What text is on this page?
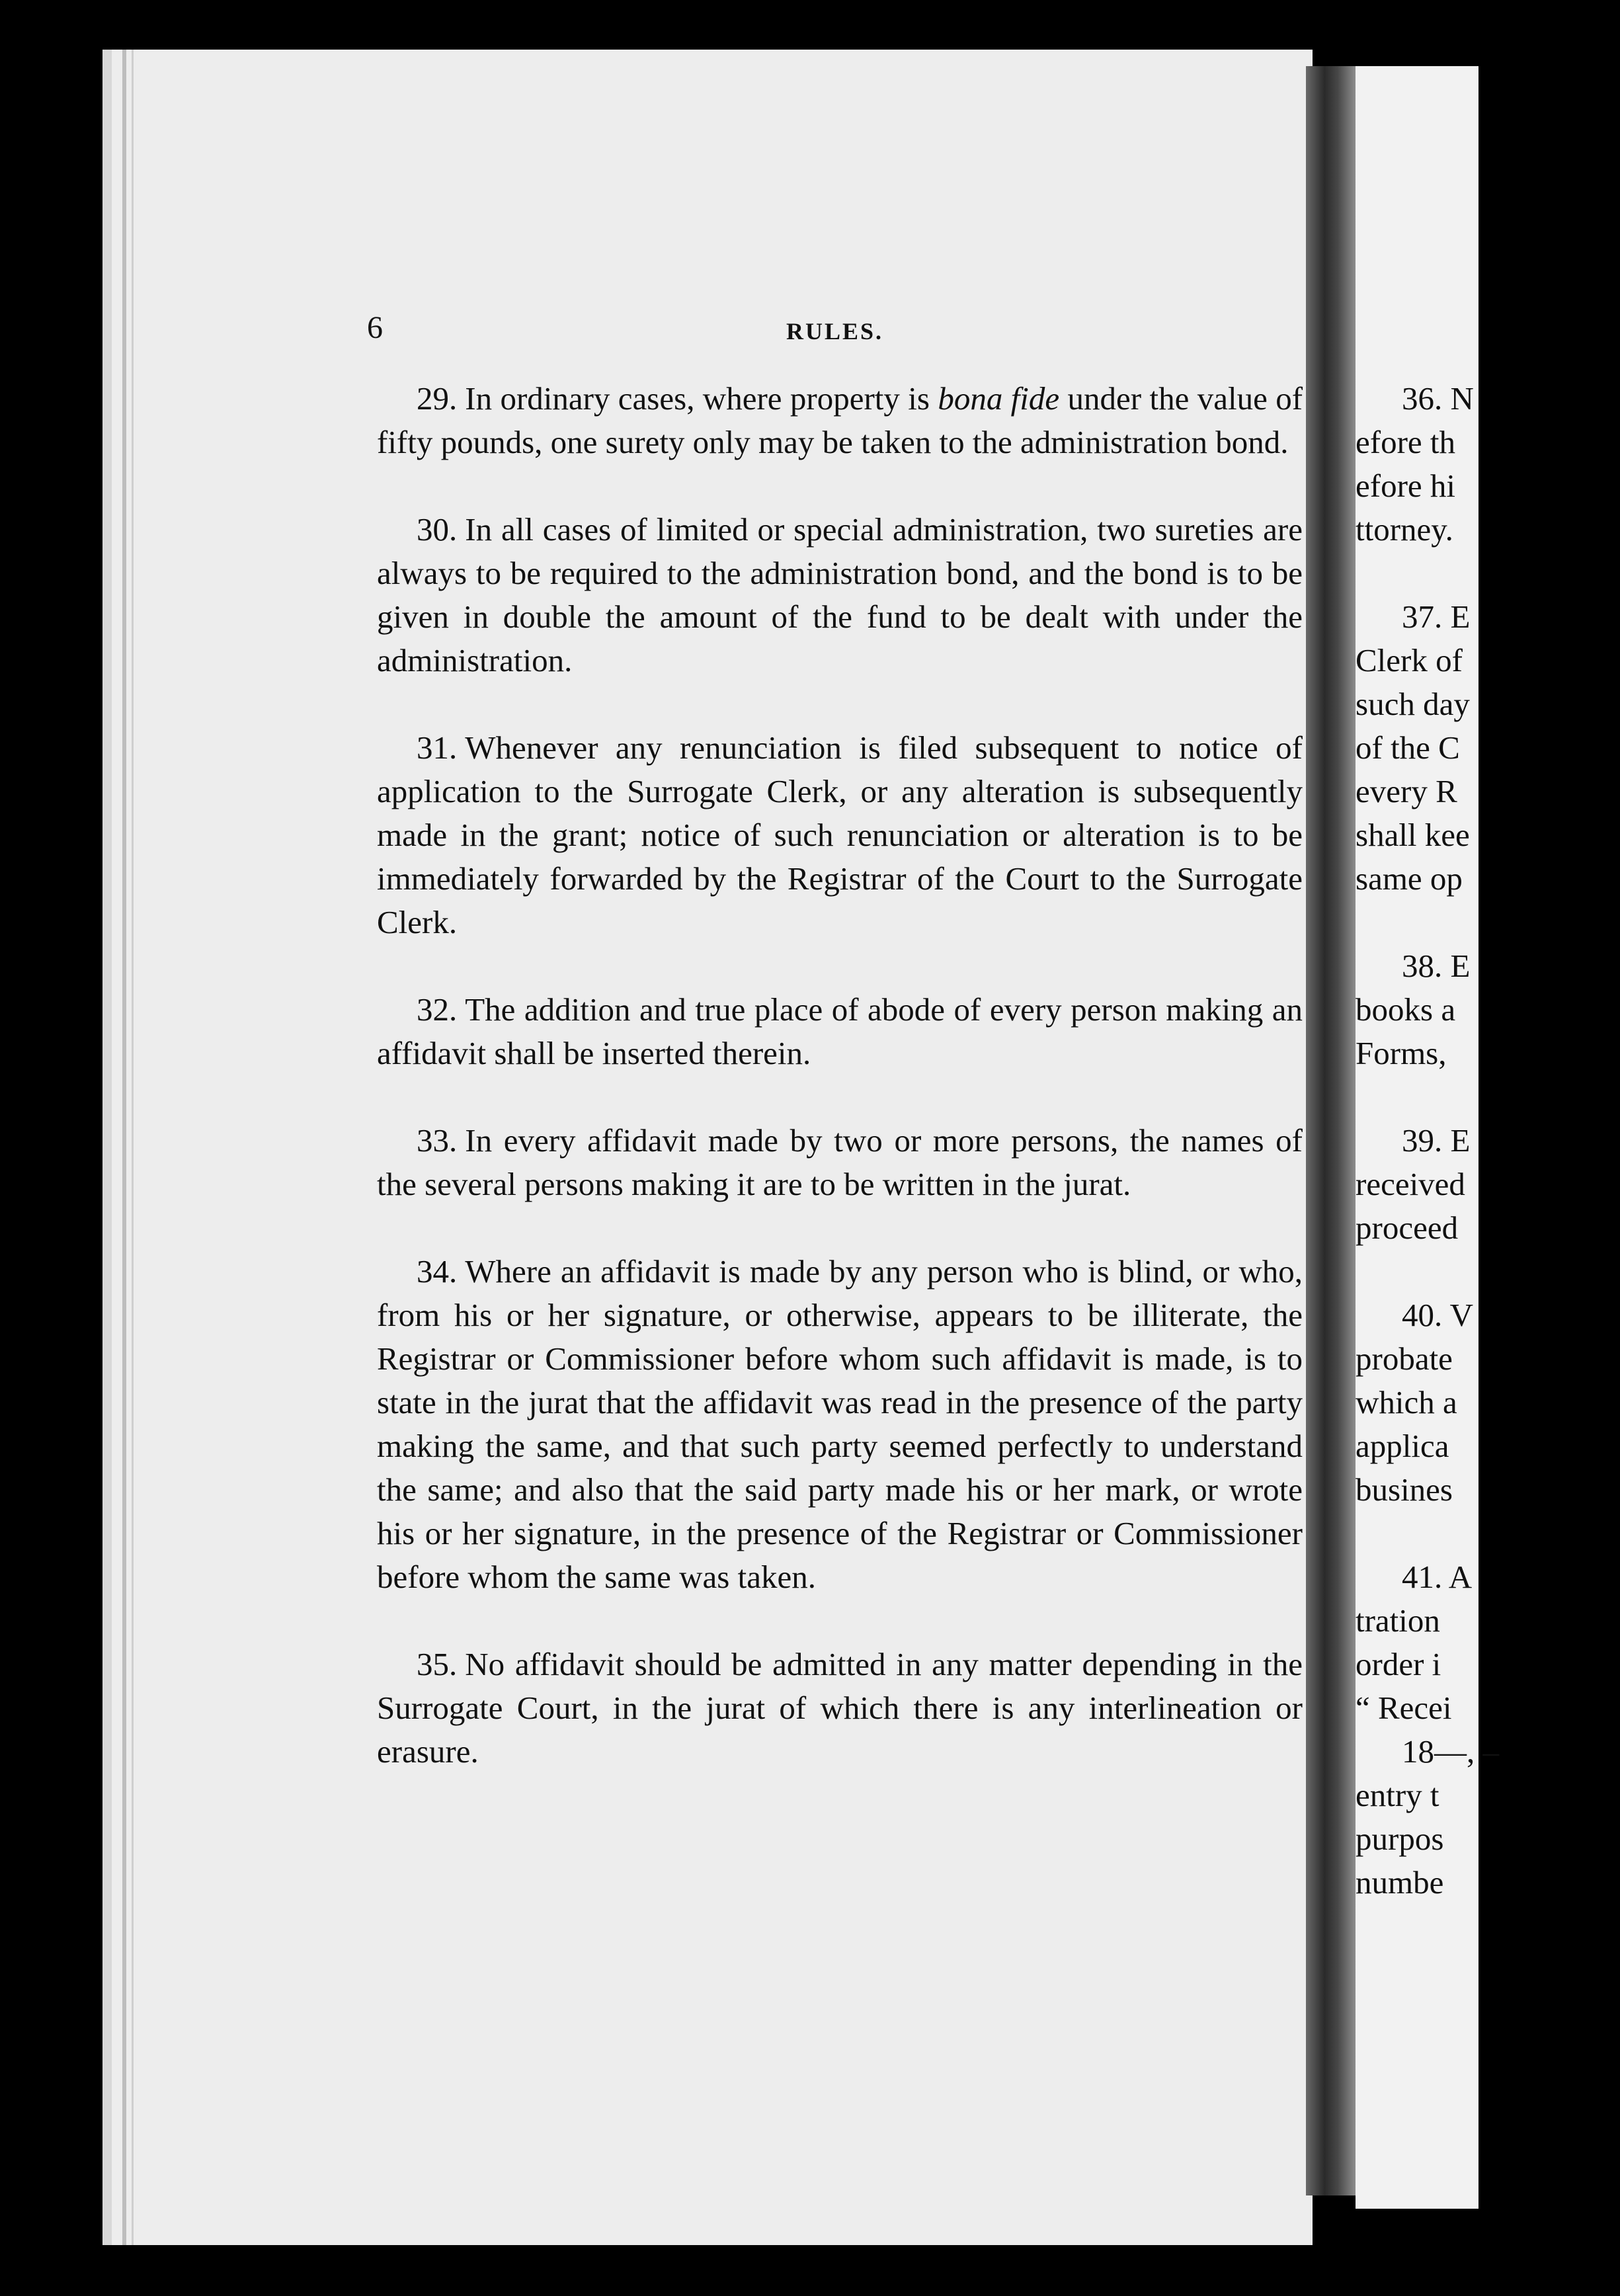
36. N
efore th
efore hi
ttorney.
37. E
Clerk of
such day
of the C
every R
shall kee
same op
38. E
books a
Forms,
39. E
received
proceed
40. V
probate
which a
applica
busines
41. A
tration
order i
“ Recei
18—, –
entry t
purpos
numbe
6	RULES.

29. In ordinary cases, where property is bona fide under the value of fifty pounds, one surety only may be taken to the administration bond.

30. In all cases of limited or special administration, two sureties are always to be required to the administration bond, and the bond is to be given in double the amount of the fund to be dealt with under the administration.

31. Whenever any renunciation is filed subsequent to notice of application to the Surrogate Clerk, or any alteration is subsequently made in the grant; notice of such renunciation or alteration is to be immediately forwarded by the Registrar of the Court to the Surrogate Clerk.

32. The addition and true place of abode of every person making an affidavit shall be inserted therein.

33. In every affidavit made by two or more persons, the names of the several persons making it are to be written in the jurat.

34. Where an affidavit is made by any person who is blind, or who, from his or her signature, or otherwise, appears to be illiterate, the Registrar or Commissioner before whom such affidavit is made, is to state in the jurat that the affidavit was read in the presence of the party making the same, and that such party seemed perfectly to understand the same; and also that the said party made his or her mark, or wrote his or her signature, in the presence of the Registrar or Commissioner before whom the same was taken.

35. No affidavit should be admitted in any matter depending in the Surrogate Court, in the jurat of which there is any interlineation or erasure.
